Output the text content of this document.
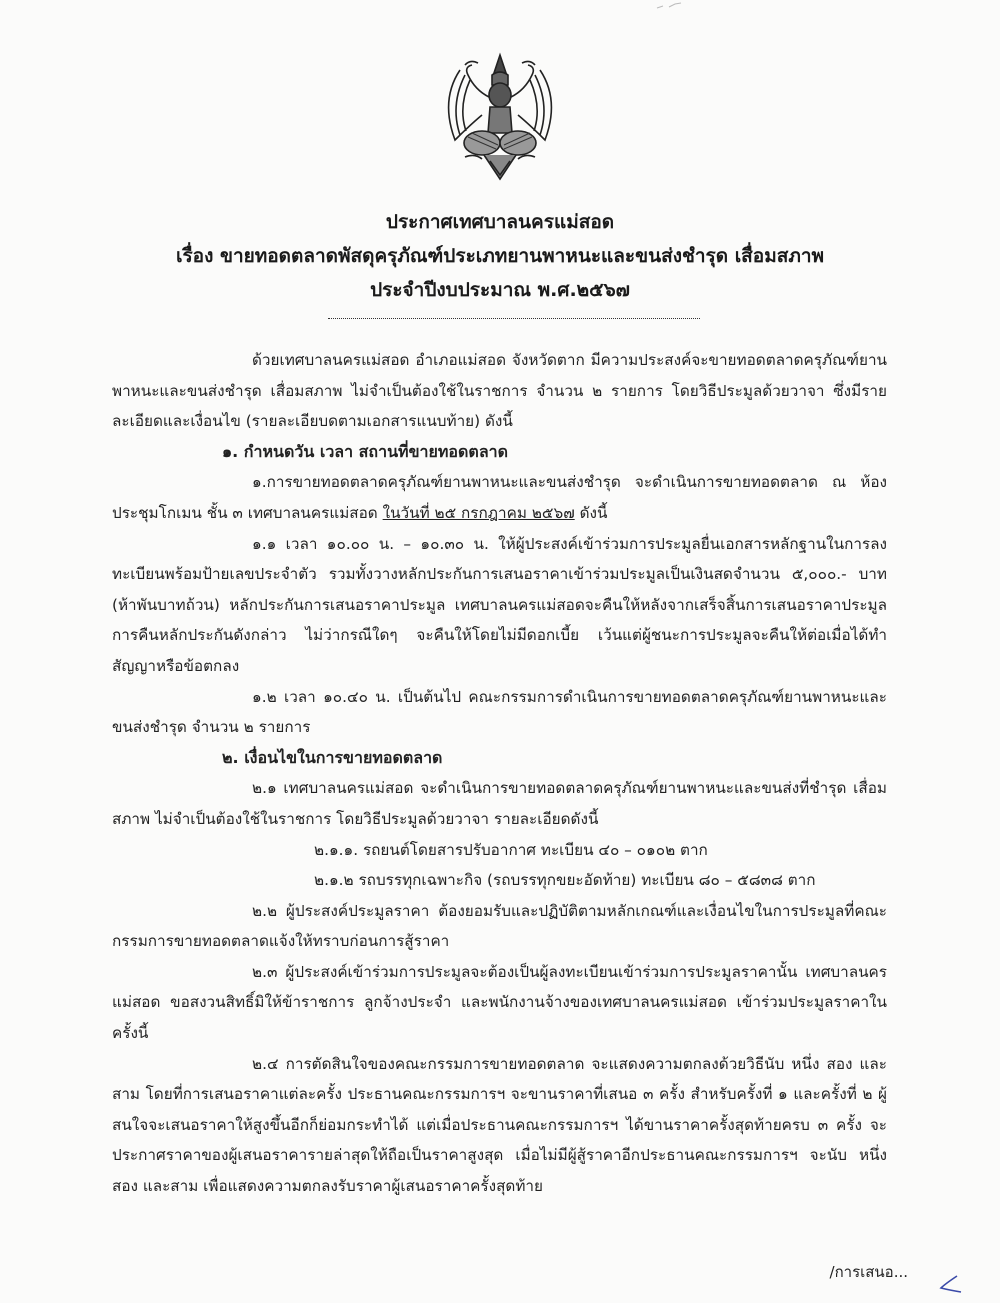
ประกาศเทศบาลนครแม่สอด
เรื่อง ขายทอดตลาดพัสดุครุภัณฑ์ประเภทยานพาหนะและขนส่งชำรุด เสื่อมสภาพ
ประจำปีงบประมาณ พ.ศ.๒๕๖๗

ด้วยเทศบาลนครแม่สอด อำเภอแม่สอด จังหวัดตาก มีความประสงค์จะขายทอดตลาดครุภัณฑ์ยานพาหนะและขนส่งชำรุด เสื่อมสภาพ ไม่จำเป็นต้องใช้ในราชการ จำนวน ๒ รายการ โดยวิธีประมูลด้วยวาจา ซึ่งมีรายละเอียดและเงื่อนไข (รายละเอียบดตามเอกสารแนบท้าย) ดังนี้

๑. กำหนดวัน เวลา สถานที่ขายทอดตลาด

๑.การขายทอดตลาดครุภัณฑ์ยานพาหนะและขนส่งชำรุด จะดำเนินการขายทอดตลาด ณ ห้องประชุมโกเมน ชั้น ๓ เทศบาลนครแม่สอด ในวันที่ ๒๕ กรกฎาคม ๒๕๖๗ ดังนี้

๑.๑ เวลา ๑๐.๐๐ น. – ๑๐.๓๐ น. ให้ผู้ประสงค์เข้าร่วมการประมูลยื่นเอกสารหลักฐานในการลงทะเบียนพร้อมป้ายเลขประจำตัว รวมทั้งวางหลักประกันการเสนอราคาเข้าร่วมประมูลเป็นเงินสดจำนวน ๕,๐๐๐.- บาท (ห้าพันบาทถ้วน) หลักประกันการเสนอราคาประมูล เทศบาลนครแม่สอดจะคืนให้หลังจากเสร็จสิ้นการเสนอราคาประมูล การคืนหลักประกันดังกล่าว ไม่ว่ากรณีใดๆ จะคืนให้โดยไม่มีดอกเบี้ย เว้นแต่ผู้ชนะการประมูลจะคืนให้ต่อเมื่อได้ทำสัญญาหรือข้อตกลง

๑.๒ เวลา ๑๐.๔๐ น. เป็นต้นไป คณะกรรมการดำเนินการขายทอดตลาดครุภัณฑ์ยานพาหนะและขนส่งชำรุด จำนวน ๒ รายการ

๒. เงื่อนไขในการขายทอดตลาด

๒.๑ เทศบาลนครแม่สอด จะดำเนินการขายทอดตลาดครุภัณฑ์ยานพาหนะและขนส่งที่ชำรุด เสื่อมสภาพ ไม่จำเป็นต้องใช้ในราชการ โดยวิธีประมูลด้วยวาจา รายละเอียดดังนี้

๒.๑.๑. รถยนต์โดยสารปรับอากาศ ทะเบียน ๔๐ – ๐๑๐๒ ตาก

๒.๑.๒ รถบรรทุกเฉพาะกิจ (รถบรรทุกขยะอัดท้าย) ทะเบียน ๘๐ – ๕๘๓๘ ตาก

๒.๒ ผู้ประสงค์ประมูลราคา ต้องยอมรับและปฏิบัติตามหลักเกณฑ์และเงื่อนไขในการประมูลที่คณะกรรมการขายทอดตลาดแจ้งให้ทราบก่อนการสู้ราคา

๒.๓ ผู้ประสงค์เข้าร่วมการประมูลจะต้องเป็นผู้ลงทะเบียนเข้าร่วมการประมูลราคานั้น เทศบาลนครแม่สอด ขอสงวนสิทธิ์มิให้ข้าราชการ ลูกจ้างประจำ และพนักงานจ้างของเทศบาลนครแม่สอด เข้าร่วมประมูลราคาในครั้งนี้

๒.๔ การตัดสินใจของคณะกรรมการขายทอดตลาด จะแสดงความตกลงด้วยวิธีนับ หนึ่ง สอง และสาม โดยที่การเสนอราคาแต่ละครั้ง ประธานคณะกรรมการฯ จะขานราคาที่เสนอ ๓ ครั้ง สำหรับครั้งที่ ๑ และครั้งที่ ๒ ผู้สนใจจะเสนอราคาให้สูงขึ้นอีกก็ย่อมกระทำได้ แต่เมื่อประธานคณะกรรมการฯ ได้ขานราคาครั้งสุดท้ายครบ ๓ ครั้ง จะประกาศราคาของผู้เสนอราคารายล่าสุดให้ถือเป็นราคาสูงสุด เมื่อไม่มีผู้สู้ราคาอีกประธานคณะกรรมการฯ จะนับ หนึ่ง สอง และสาม เพื่อแสดงความตกลงรับราคาผู้เสนอราคาครั้งสุดท้าย

/การเสนอ...
